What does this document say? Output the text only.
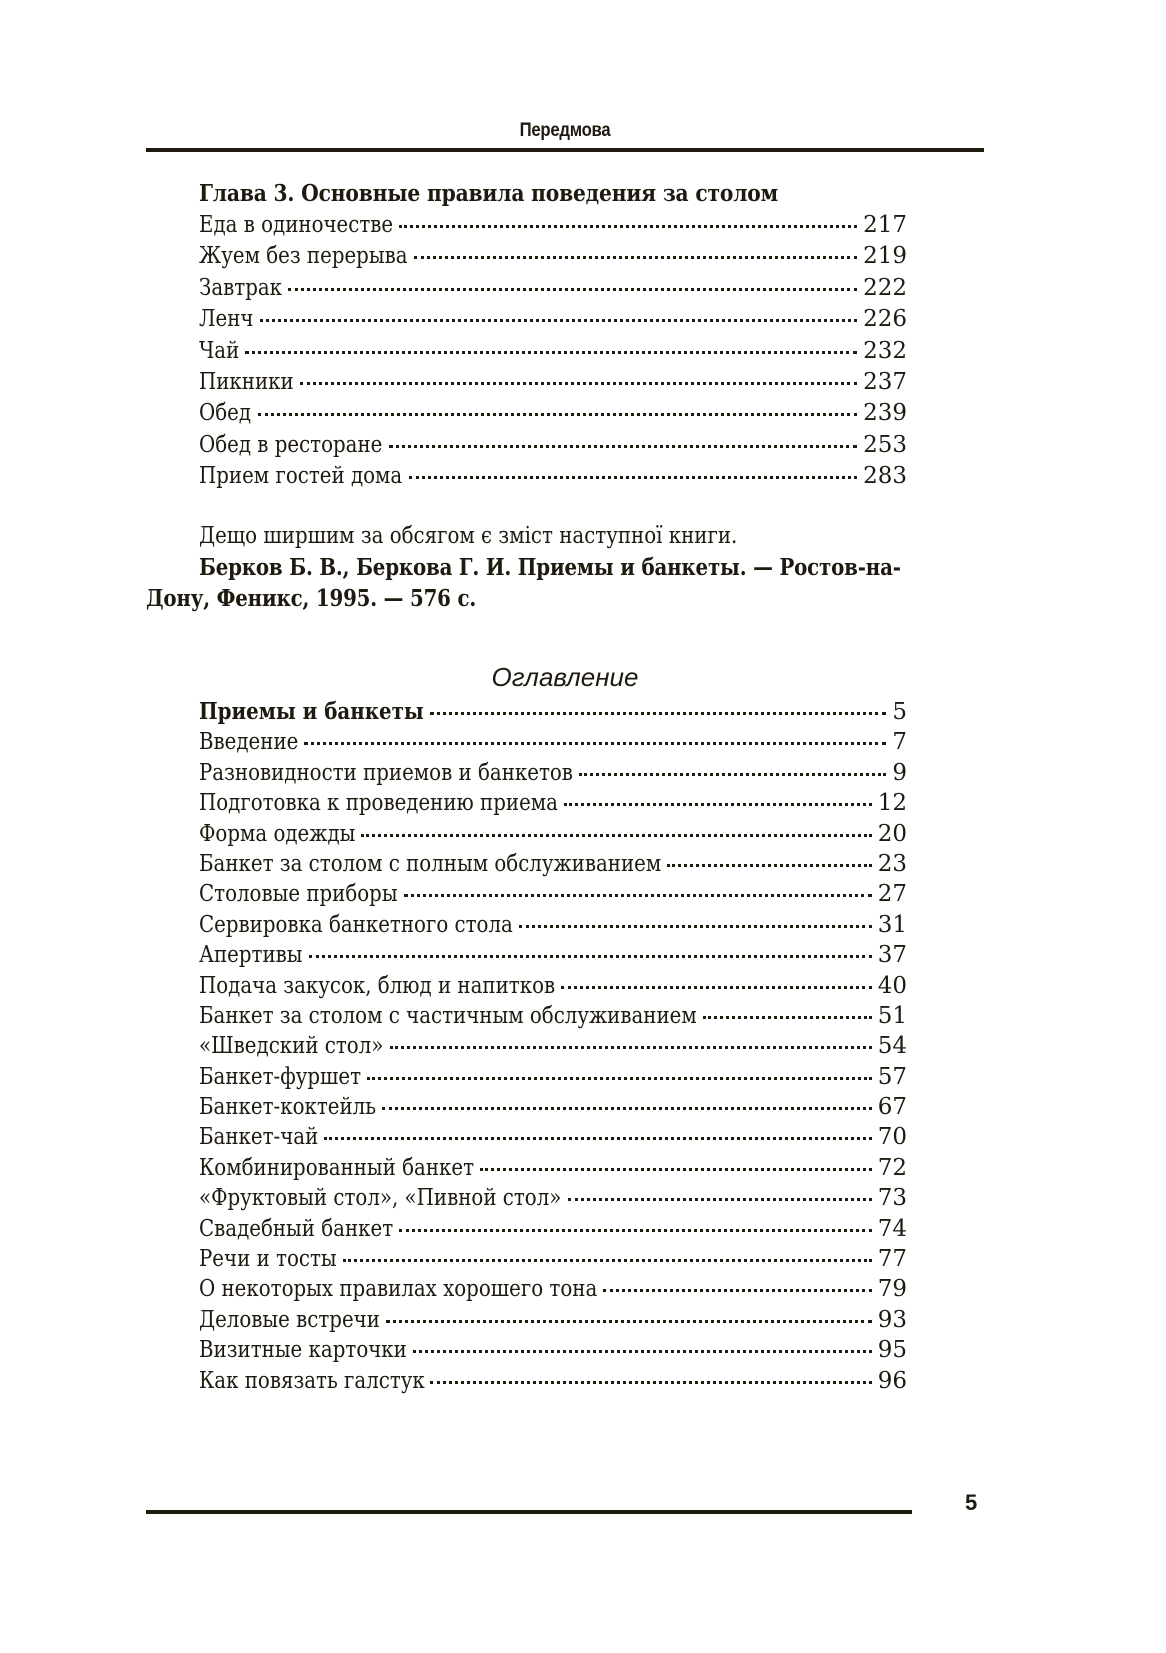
Передмова
Глава 3. Основные правила поведения за столом
Еда в одиночестве	217
Жуем без перерыва	219
Завтрак	222
Ленч	226
Чай	232
Пикники	237
Обед	239
Обед в ресторане	253
Прием гостей дома	283
Дещо ширшим за обсягом є зміст наступної книги.
Берков Б. В., Беркова Г. И. Приемы и банкеты. — Ростов-на-
Дону, Феникс, 1995. — 576 с.
Оглавление
Приемы и банкеты	5
Введение	7
Разновидности приемов и банкетов	9
Подготовка к проведению приема	12
Форма одежды	20
Банкет за столом с полным обслуживанием	23
Столовые приборы	27
Сервировка банкетного стола	31
Апертивы	37
Подача закусок, блюд и напитков	40
Банкет за столом с частичным обслуживанием	51
«Шведский стол»	54
Банкет-фуршет	57
Банкет-коктейль	67
Банкет-чай	70
Комбинированный банкет	72
«Фруктовый стол», «Пивной стол»	73
Свадебный банкет	74
Речи и тосты	77
О некоторых правилах хорошего тона	79
Деловые встречи	93
Визитные карточки	95
Как повязать галстук	96
5
